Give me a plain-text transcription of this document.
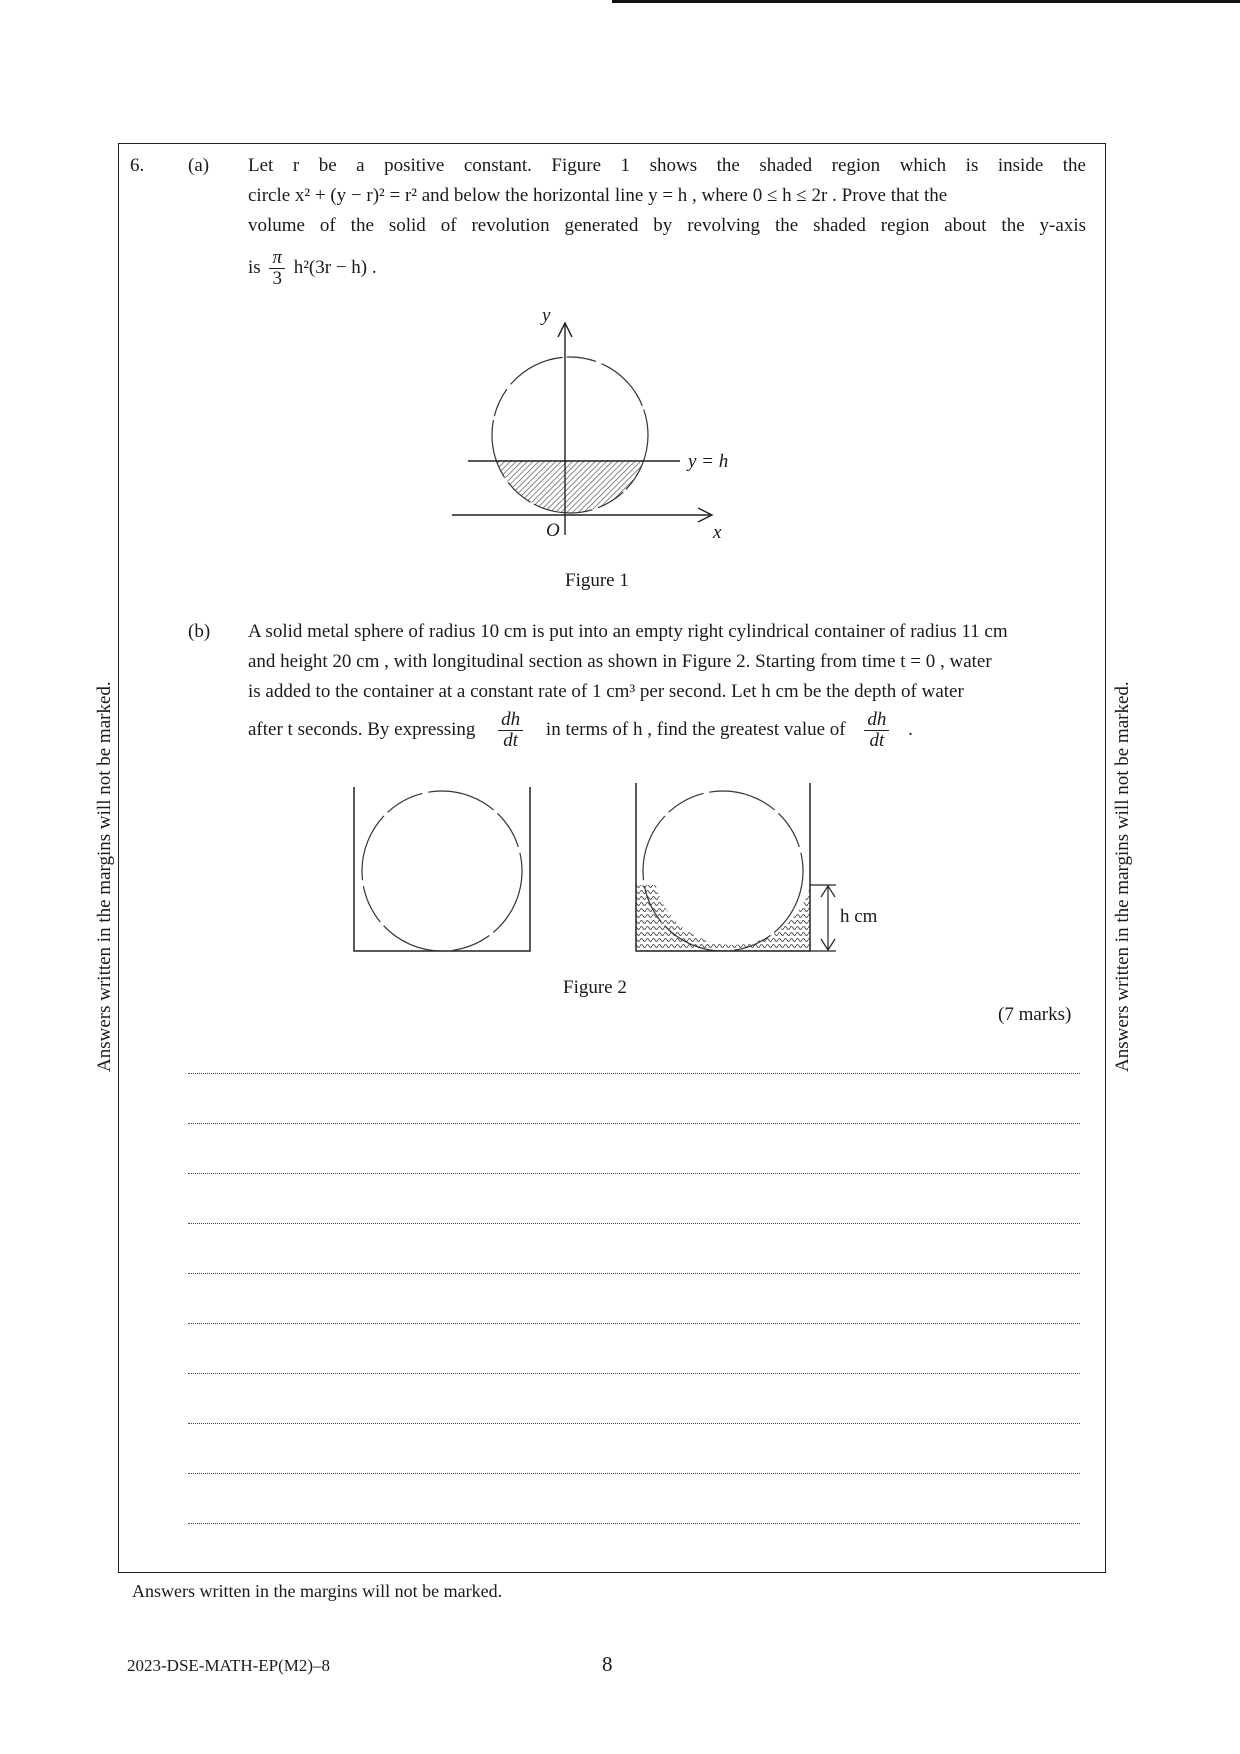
Answers written in the margins will not be marked.	Answers written in the margins will not be marked.
6. (a) Let r be a positive constant. Figure 1 shows the shaded region which is inside the
circle x² + (y − r)² = r² and below the horizontal line y = h , where 0 ≤ h ≤ 2r . Prove that the
volume of the solid of revolution generated by revolving the shaded region about the y-axis
is $\frac{\pi}{3} h^2(3r - h)$ .
y
x
O
y = h
Figure 1
(b) A solid metal sphere of radius 10 cm is put into an empty right cylindrical container of radius 11 cm
and height 20 cm , with longitudinal section as shown in Figure 2. Starting from time t = 0 , water
is added to the container at a constant rate of 1 cm³ per second. Let h cm be the depth of water
after t seconds. By expressing $\frac{dh}{dt}$ in terms of h , find the greatest value of $\frac{dh}{dt}$ .
h cm
Figure 2
(7 marks)
Answers written in the margins will not be marked.
2023-DSE-MATH-EP(M2)–8	8
